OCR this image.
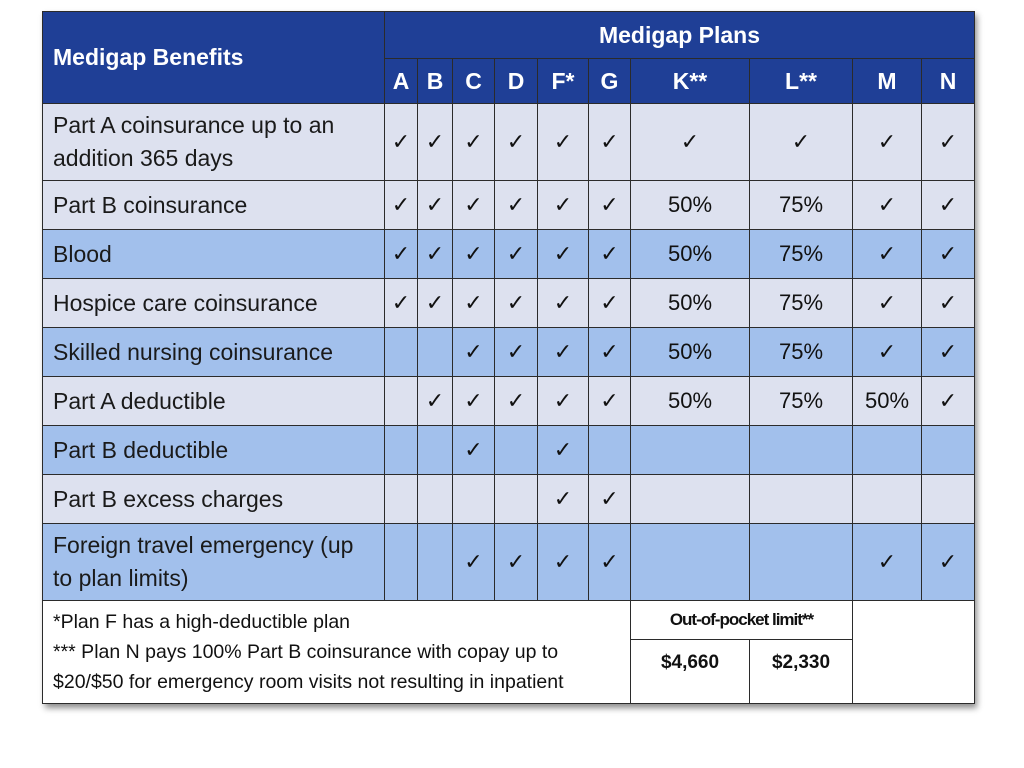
Medigap Benefits	Medigap Plans									
	A	B	C	D	F*	G	K**	L**	M	N
Part A coinsurance up to an addition 365 days	✓	✓	✓	✓	✓	✓	✓	✓	✓	✓
Part B coinsurance	✓	✓	✓	✓	✓	✓	50%	75%	✓	✓
Blood	✓	✓	✓	✓	✓	✓	50%	75%	✓	✓
Hospice care coinsurance	✓	✓	✓	✓	✓	✓	50%	75%	✓	✓
Skilled nursing coinsurance			✓	✓	✓	✓	50%	75%	✓	✓
Part A deductible		✓	✓	✓	✓	✓	50%	75%	50%	✓
Part B deductible			✓		✓					
Part B excess charges					✓	✓				
Foreign travel emergency (up to plan limits)			✓	✓	✓	✓			✓	✓

*Plan F has a high-deductible plan
*** Plan N pays 100% Part B coinsurance with copay up to $20/$50 for emergency room visits not resulting in inpatient							Out-of-pocket limit**			
							$4,660	$2,330		
